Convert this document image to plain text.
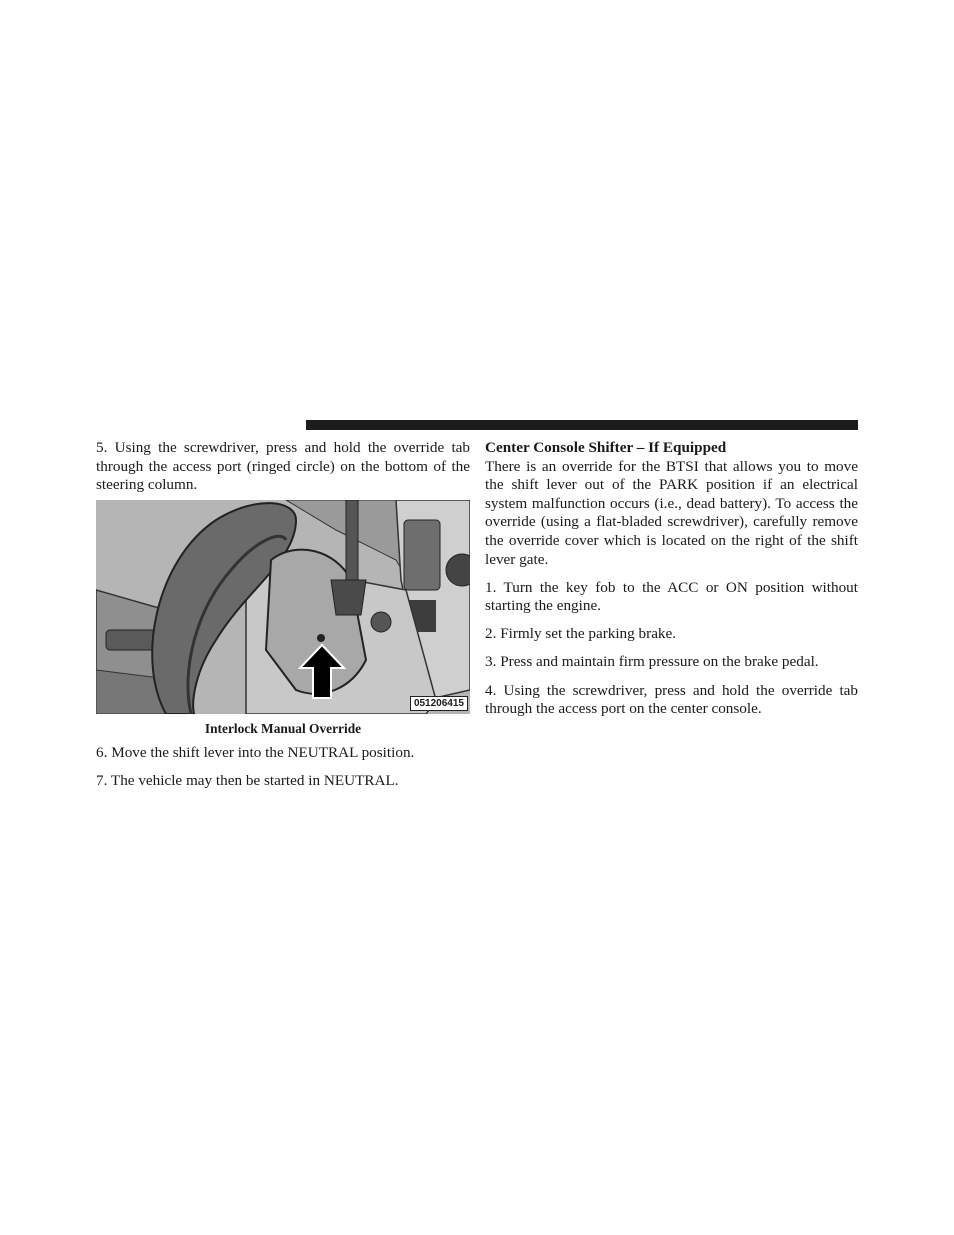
5. Using the screwdriver, press and hold the override tab through the access port (ringed circle) on the bottom of the steering column.

051206415

Interlock Manual Override

6. Move the shift lever into the NEUTRAL position.

7. The vehicle may then be started in NEUTRAL.

Center Console Shifter – If Equipped

There is an override for the BTSI that allows you to move the shift lever out of the PARK position if an electrical system malfunction occurs (i.e., dead battery). To access the override (using a flat-bladed screwdriver), carefully remove the override cover which is located on the right of the shift lever gate.

1. Turn the key fob to the ACC or ON position without starting the engine.

2. Firmly set the parking brake.

3. Press and maintain firm pressure on the brake pedal.

4. Using the screwdriver, press and hold the override tab through the access port on the center console.
